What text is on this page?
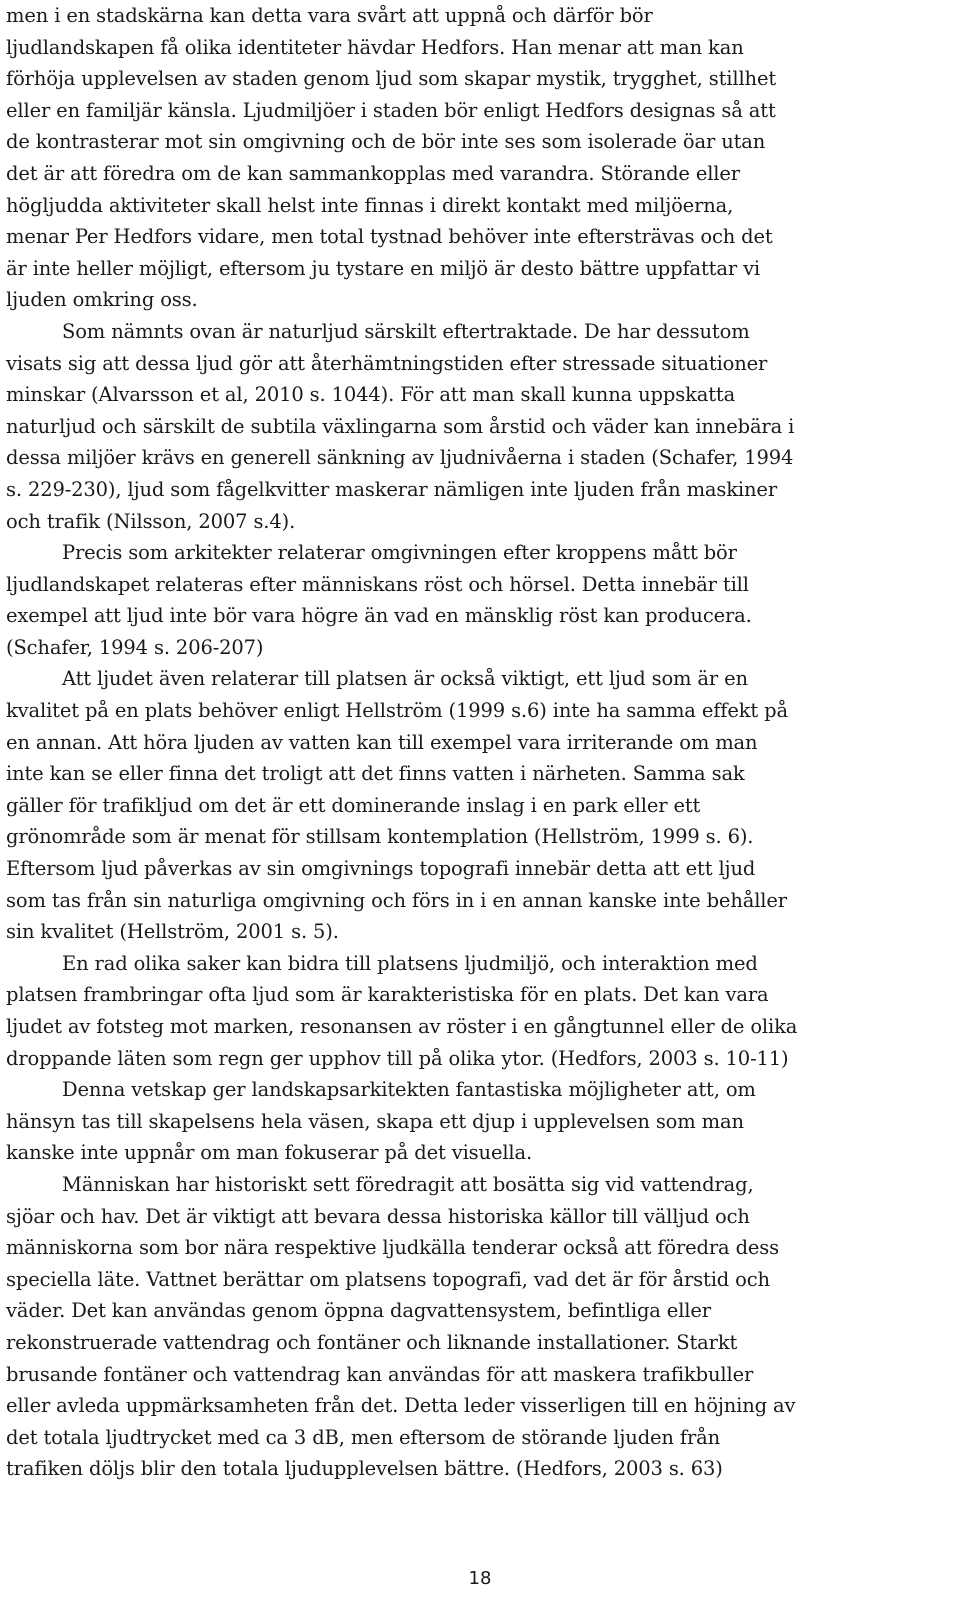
men i en stadskärna kan detta vara svårt att uppnå och därför bör
ljudlandskapen få olika identiteter hävdar Hedfors. Han menar att man kan
förhöja upplevelsen av staden genom ljud som skapar mystik, trygghet, stillhet
eller en familjär känsla. Ljudmiljöer i staden bör enligt Hedfors designas så att
de kontrasterar mot sin omgivning och de bör inte ses som isolerade öar utan
det är att föredra om de kan sammankopplas med varandra. Störande eller
högljudda aktiviteter skall helst inte finnas i direkt kontakt med miljöerna,
menar Per Hedfors vidare, men total tystnad behöver inte eftersträvas och det
är inte heller möjligt, eftersom ju tystare en miljö är desto bättre uppfattar vi
ljuden omkring oss.
Som nämnts ovan är naturljud särskilt eftertraktade. De har dessutom
visats sig att dessa ljud gör att återhämtningstiden efter stressade situationer
minskar (Alvarsson et al, 2010 s. 1044). För att man skall kunna uppskatta
naturljud och särskilt de subtila växlingarna som årstid och väder kan innebära i
dessa miljöer krävs en generell sänkning av ljudnivåerna i staden (Schafer, 1994
s. 229-230), ljud som fågelkvitter maskerar nämligen inte ljuden från maskiner
och trafik (Nilsson, 2007 s.4).
Precis som arkitekter relaterar omgivningen efter kroppens mått bör
ljudlandskapet relateras efter människans röst och hörsel. Detta innebär till
exempel att ljud inte bör vara högre än vad en mänsklig röst kan producera.
(Schafer, 1994 s. 206-207)
Att ljudet även relaterar till platsen är också viktigt, ett ljud som är en
kvalitet på en plats behöver enligt Hellström (1999 s.6) inte ha samma effekt på
en annan. Att höra ljuden av vatten kan till exempel vara irriterande om man
inte kan se eller finna det troligt att det finns vatten i närheten. Samma sak
gäller för trafikljud om det är ett dominerande inslag i en park eller ett
grönområde som är menat för stillsam kontemplation (Hellström, 1999 s. 6).
Eftersom ljud påverkas av sin omgivnings topografi innebär detta att ett ljud
som tas från sin naturliga omgivning och förs in i en annan kanske inte behåller
sin kvalitet (Hellström, 2001 s. 5).
En rad olika saker kan bidra till platsens ljudmiljö, och interaktion med
platsen frambringar ofta ljud som är karakteristiska för en plats. Det kan vara
ljudet av fotsteg mot marken, resonansen av röster i en gångtunnel eller de olika
droppande läten som regn ger upphov till på olika ytor. (Hedfors, 2003 s. 10-11)
Denna vetskap ger landskapsarkitekten fantastiska möjligheter att, om
hänsyn tas till skapelsens hela väsen, skapa ett djup i upplevelsen som man
kanske inte uppnår om man fokuserar på det visuella.
Människan har historiskt sett föredragit att bosätta sig vid vattendrag,
sjöar och hav. Det är viktigt att bevara dessa historiska källor till välljud och
människorna som bor nära respektive ljudkälla tenderar också att föredra dess
speciella läte. Vattnet berättar om platsens topografi, vad det är för årstid och
väder. Det kan användas genom öppna dagvattensystem, befintliga eller
rekonstruerade vattendrag och fontäner och liknande installationer. Starkt
brusande fontäner och vattendrag kan användas för att maskera trafikbuller
eller avleda uppmärksamheten från det. Detta leder visserligen till en höjning av
det totala ljudtrycket med ca 3 dB, men eftersom de störande ljuden från
trafiken döljs blir den totala ljudupplevelsen bättre. (Hedfors, 2003 s. 63)
18
